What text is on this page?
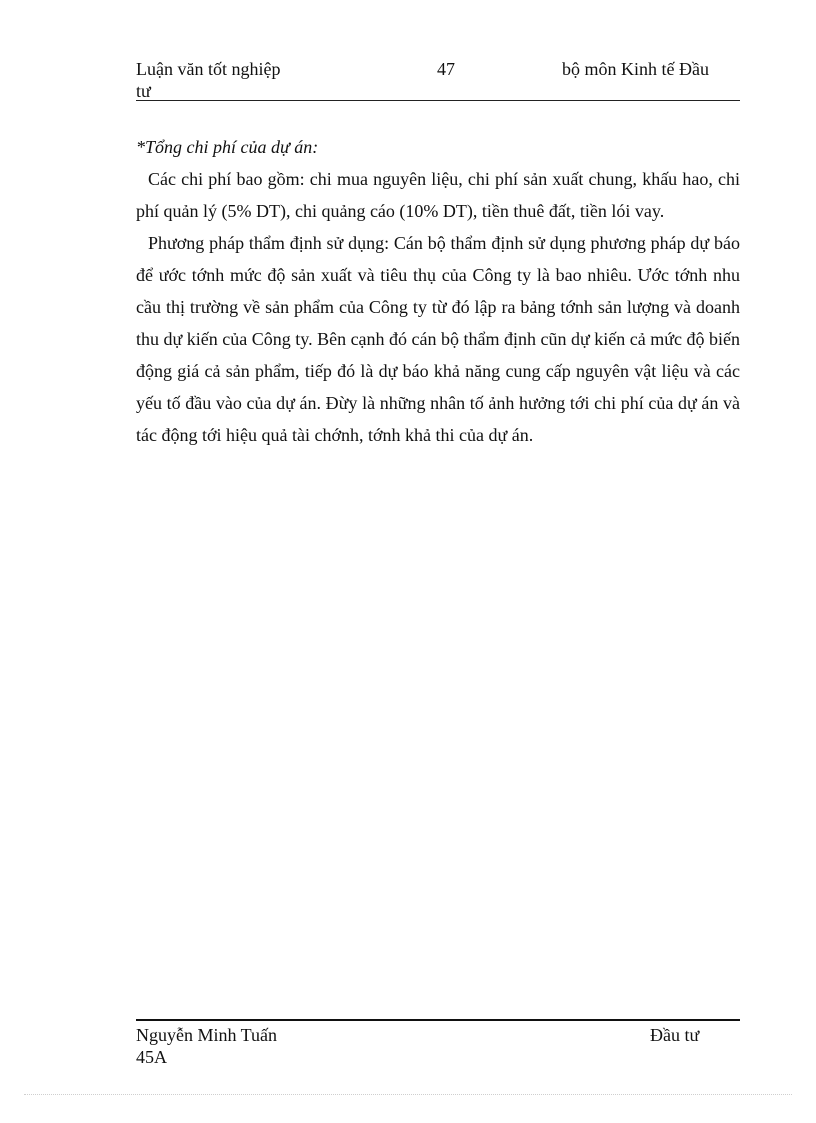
Luận văn tốt nghiệp
tư
47	bộ môn Kinh tế Đầu

*Tổng chi phí của dự án:

Các chi phí bao gồm: chi mua nguyên liệu, chi phí sản xuất chung, khấu hao, chi phí quản lý (5% DT), chi quảng cáo (10% DT), tiền thuê đất, tiền lói vay.

Phương pháp thẩm định sử dụng: Cán bộ thẩm định sử dụng phương pháp dự báo để ước tớnh mức độ sản xuất và tiêu thụ của Công ty là bao nhiêu. Ước tớnh nhu cầu thị trường về sản phẩm của Công ty từ đó lập ra bảng tớnh sản lượng và doanh thu dự kiến của Công ty. Bên cạnh đó cán bộ thẩm định cũn dự kiến cả mức độ biến động giá cả sản phẩm, tiếp đó là dự báo khả năng cung cấp nguyên vật liệu và các yếu tố đầu vào của dự án. Đừy là những nhân tố ảnh hưởng tới chi phí của dự án và tác động tới hiệu quả tài chớnh, tớnh khả thi của dự án.

Nguyễn Minh Tuấn
45A
Đầu tư
